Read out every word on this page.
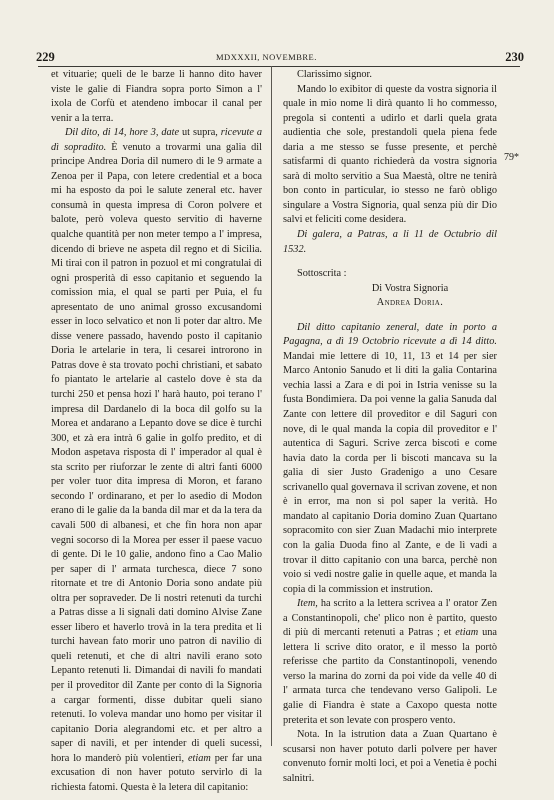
229	MDXXXII, NOVEMBRE.	230

et vituarie; queli de le barze li hanno dito haver viste le galie di Fiandra sopra porto Simon a l' ixola de Corfù et atendeno imbocar il canal per venir a la terra.

Dil dito, di 14, hore 3, date ut supra, ricevute a dì sopradito. È venuto a trovarmi una galia dil principe Andrea Doria dil numero di le 9 armate a Zenoa per il Papa, con letere credential et a boca mi ha esposto da poi le salute zeneral etc. haver consumà in questa impresa di Coron polvere et balote, però voleva questo servitio di haverne qualche quantità per non meter tempo a l' impresa, dicendo di brieve ne aspeta dil regno et di Sicilia. Mi tirai con il patron in pozuol et mi congratulai di ogni prosperità di esso capitanio et seguendo la comission mia, el qual se parti per Puia, el fu apresentato de uno animal grosso excusandomi esser in loco selvatico et non li poter dar altro. Me disse venere passado, havendo posto il capitanio Doria le artelarie in tera, li cesarei introrono in Patras dove è sta trovato pochi christiani, et sabato fo piantato le artelarie al castelo dove è sta da turchi 250 et pensa hozi l' harà hauto, poi terano l' impresa dil Dardanelo di la boca dil golfo su la Morea et andarano a Lepanto dove se dice è turchi 300, et zà era intrà 6 galie in golfo predito, et di Modon aspetava risposta di l' imperador al qual è sta scrito per riuforzar le zente di altri fanti 6000 per voler tuor dita impresa di Moron, et farano secondo l' ordinarano, et per lo asedio di Modon erano di le galie da la banda dil mar et da la tera da cavali 500 di albanesi, et che fin hora non apar vegni socorso di la Morea per esser il paese vacuo di gente. Di le 10 galie, andono fino a Cao Malio per saper di l' armata turchesca, diece 7 sono ritornate et tre di Antonio Doria sono andate più oltra per sopraveder. De li nostri retenuti da turchi a Patras disse a li signali dati domino Alvise Zane esser libero et haverlo trovà in la tera predita et li turchi havean fato morir uno patron di navilio di queli retenuti, et che di altri navili erano soto Lepanto retenuti li. Dimandai di navili fo mandati per il proveditor dil Zante per conto di la Signoria a cargar formenti, disse dubitar queli siano retenuti. Io voleva mandar uno homo per visitar il capitanio Doria alegrandomi etc. et per altro a saper di navili, et per intender di queli sucessi, hora lo manderò più volentieri, etiam per far una excusation di non haver potuto servirlo di la richiesta fatomi. Questa è la letera dil capitanio:

Clarissimo signor.

Mando lo exibitor di queste da vostra signoria il quale in mio nome li dirà quanto li ho commesso, pregola si contenti a udirlo et darli quela grata audientia che sole, prestandoli quela piena fede daria a me stesso se fusse presente, et perchè satisfarmi di quanto richiederà da vostra signoria sarà di molto servitio a Sua Maestà, oltre ne tenirà bon conto in particular, io stesso ne farò obligo singulare a Vostra Signoria, qual senza più dir Dio salvi et feliciti come desidera.

Di galera, a Patras, a li 11 de Octubrio dil 1532.

Sottoscrita :

Di Vostra Signoria

Andrea Doria.

Dil ditto capitanio zeneral, date in porto a Pagagna, a dì 19 Octobrio ricevute a dì 14 ditto. Mandai mie lettere di 10, 11, 13 et 14 per sier Marco Antonio Sanudo et li diti la galia Contarina vechia lassi a Zara e di poi in Istria venisse su la fusta Bondimiera. Da poi venne la galia Sanuda dal Zante con lettere dil proveditor e dil Saguri con nove, di le qual manda la copia dil proveditor e l' autentica di Saguri. Scrive zerca biscoti e come havia dato la corda per li biscoti mancava su la galia di sier Justo Gradenigo a uno Cesare scrivanello qual governava il scrivan zovene, et non è in error, ma non si pol saper la verità. Ho mandato al capitanio Doria domino Zuan Quartano sopracomito con sier Zuan Madachi mio interprete con la galia Duoda fino al Zante, e de lì vadi a trovar il ditto capitanio con una barca, perchè non voio si vedi nostre galie in quelle aque, et manda la copia di la commission et instrution.

Item, ha scrito a la lettera scrivea a l' orator Zen a Constantinopoli, che' plico non è partito, questo di più di mercanti retenuti a Patras ; et etiam una lettera li scrive dito orator, e il messo la portò referisse che partito da Constantinopoli, venendo verso la marina do zorni da poi vide da velle 40 di l' armata turca che tendevano verso Galipoli. Le galie di Fiandra è state a Caxopo questa notte preterita et son levate con prospero vento.

Nota. In la istrution data a Zuan Quartano è scusarsi non haver potuto darli polvere per haver convenuto fornir molti loci, et poi a Venetia è pochi salnitri.

79*
